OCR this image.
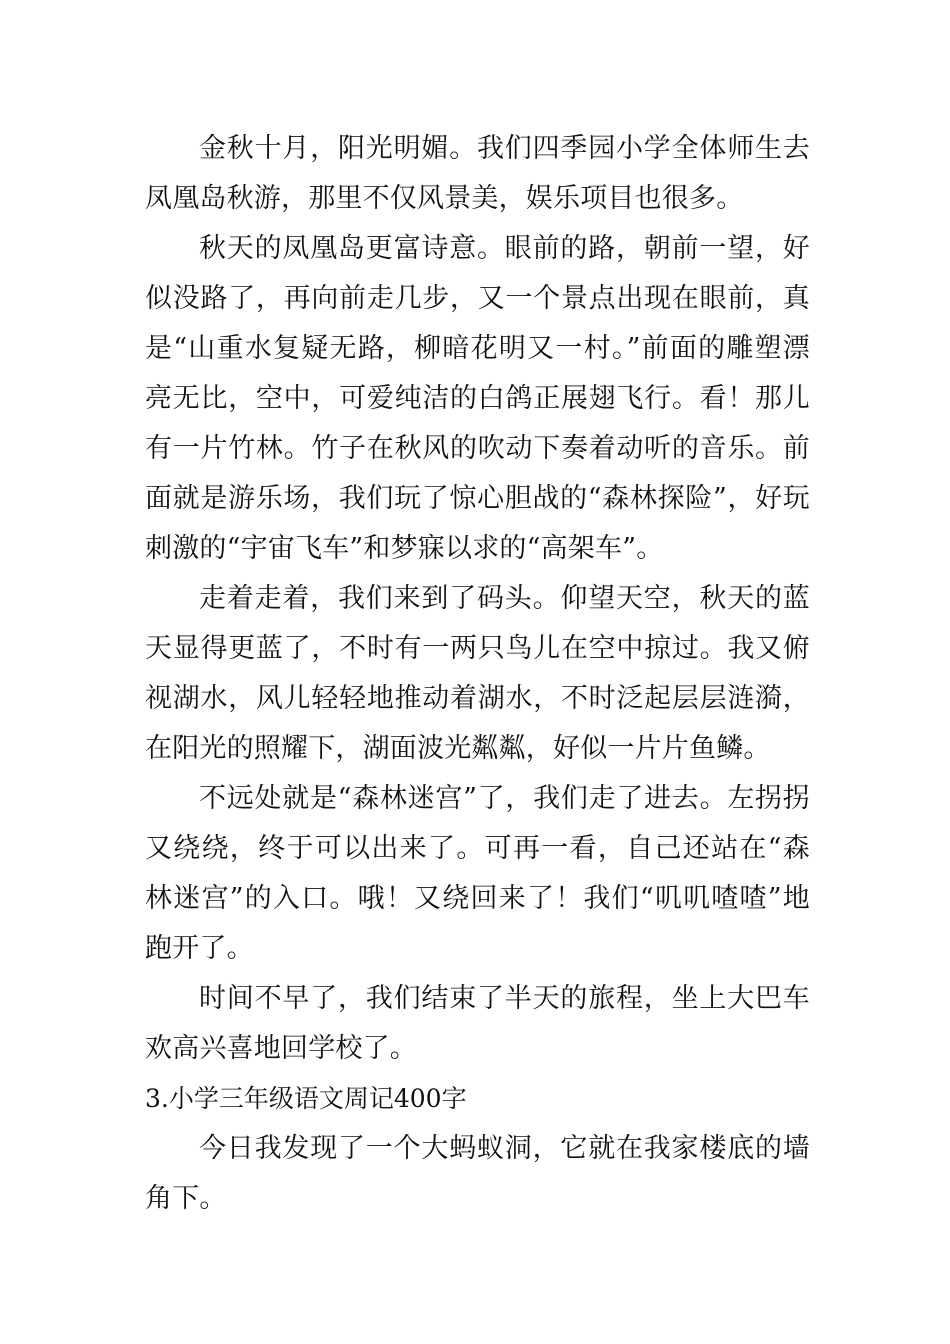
金秋十月，阳光明媚。我们四季园小学全体师生去凤凰岛秋游，那里不仅风景美，娱乐项目也很多。

秋天的凤凰岛更富诗意。眼前的路，朝前一望，好似没路了，再向前走几步，又一个景点出现在眼前，真是“山重水复疑无路，柳暗花明又一村。”前面的雕塑漂亮无比，空中，可爱纯洁的白鸽正展翅飞行。看！那儿有一片竹林。竹子在秋风的吹动下奏着动听的音乐。前面就是游乐场，我们玩了惊心胆战的“森林探险”，好玩刺激的“宇宙飞车”和梦寐以求的“高架车”。

走着走着，我们来到了码头。仰望天空，秋天的蓝天显得更蓝了，不时有一两只鸟儿在空中掠过。我又俯视湖水，风儿轻轻地推动着湖水，不时泛起层层涟漪，在阳光的照耀下，湖面波光粼粼，好似一片片鱼鳞。

不远处就是“森林迷宫”了，我们走了进去。左拐拐又绕绕，终于可以出来了。可再一看，自己还站在“森林迷宫”的入口。哦！又绕回来了！我们“叽叽喳喳”地跑开了。

时间不早了，我们结束了半天的旅程，坐上大巴车欢高兴喜地回学校了。

3.小学三年级语文周记400字

今日我发现了一个大蚂蚁洞，它就在我家楼底的墙角下。
